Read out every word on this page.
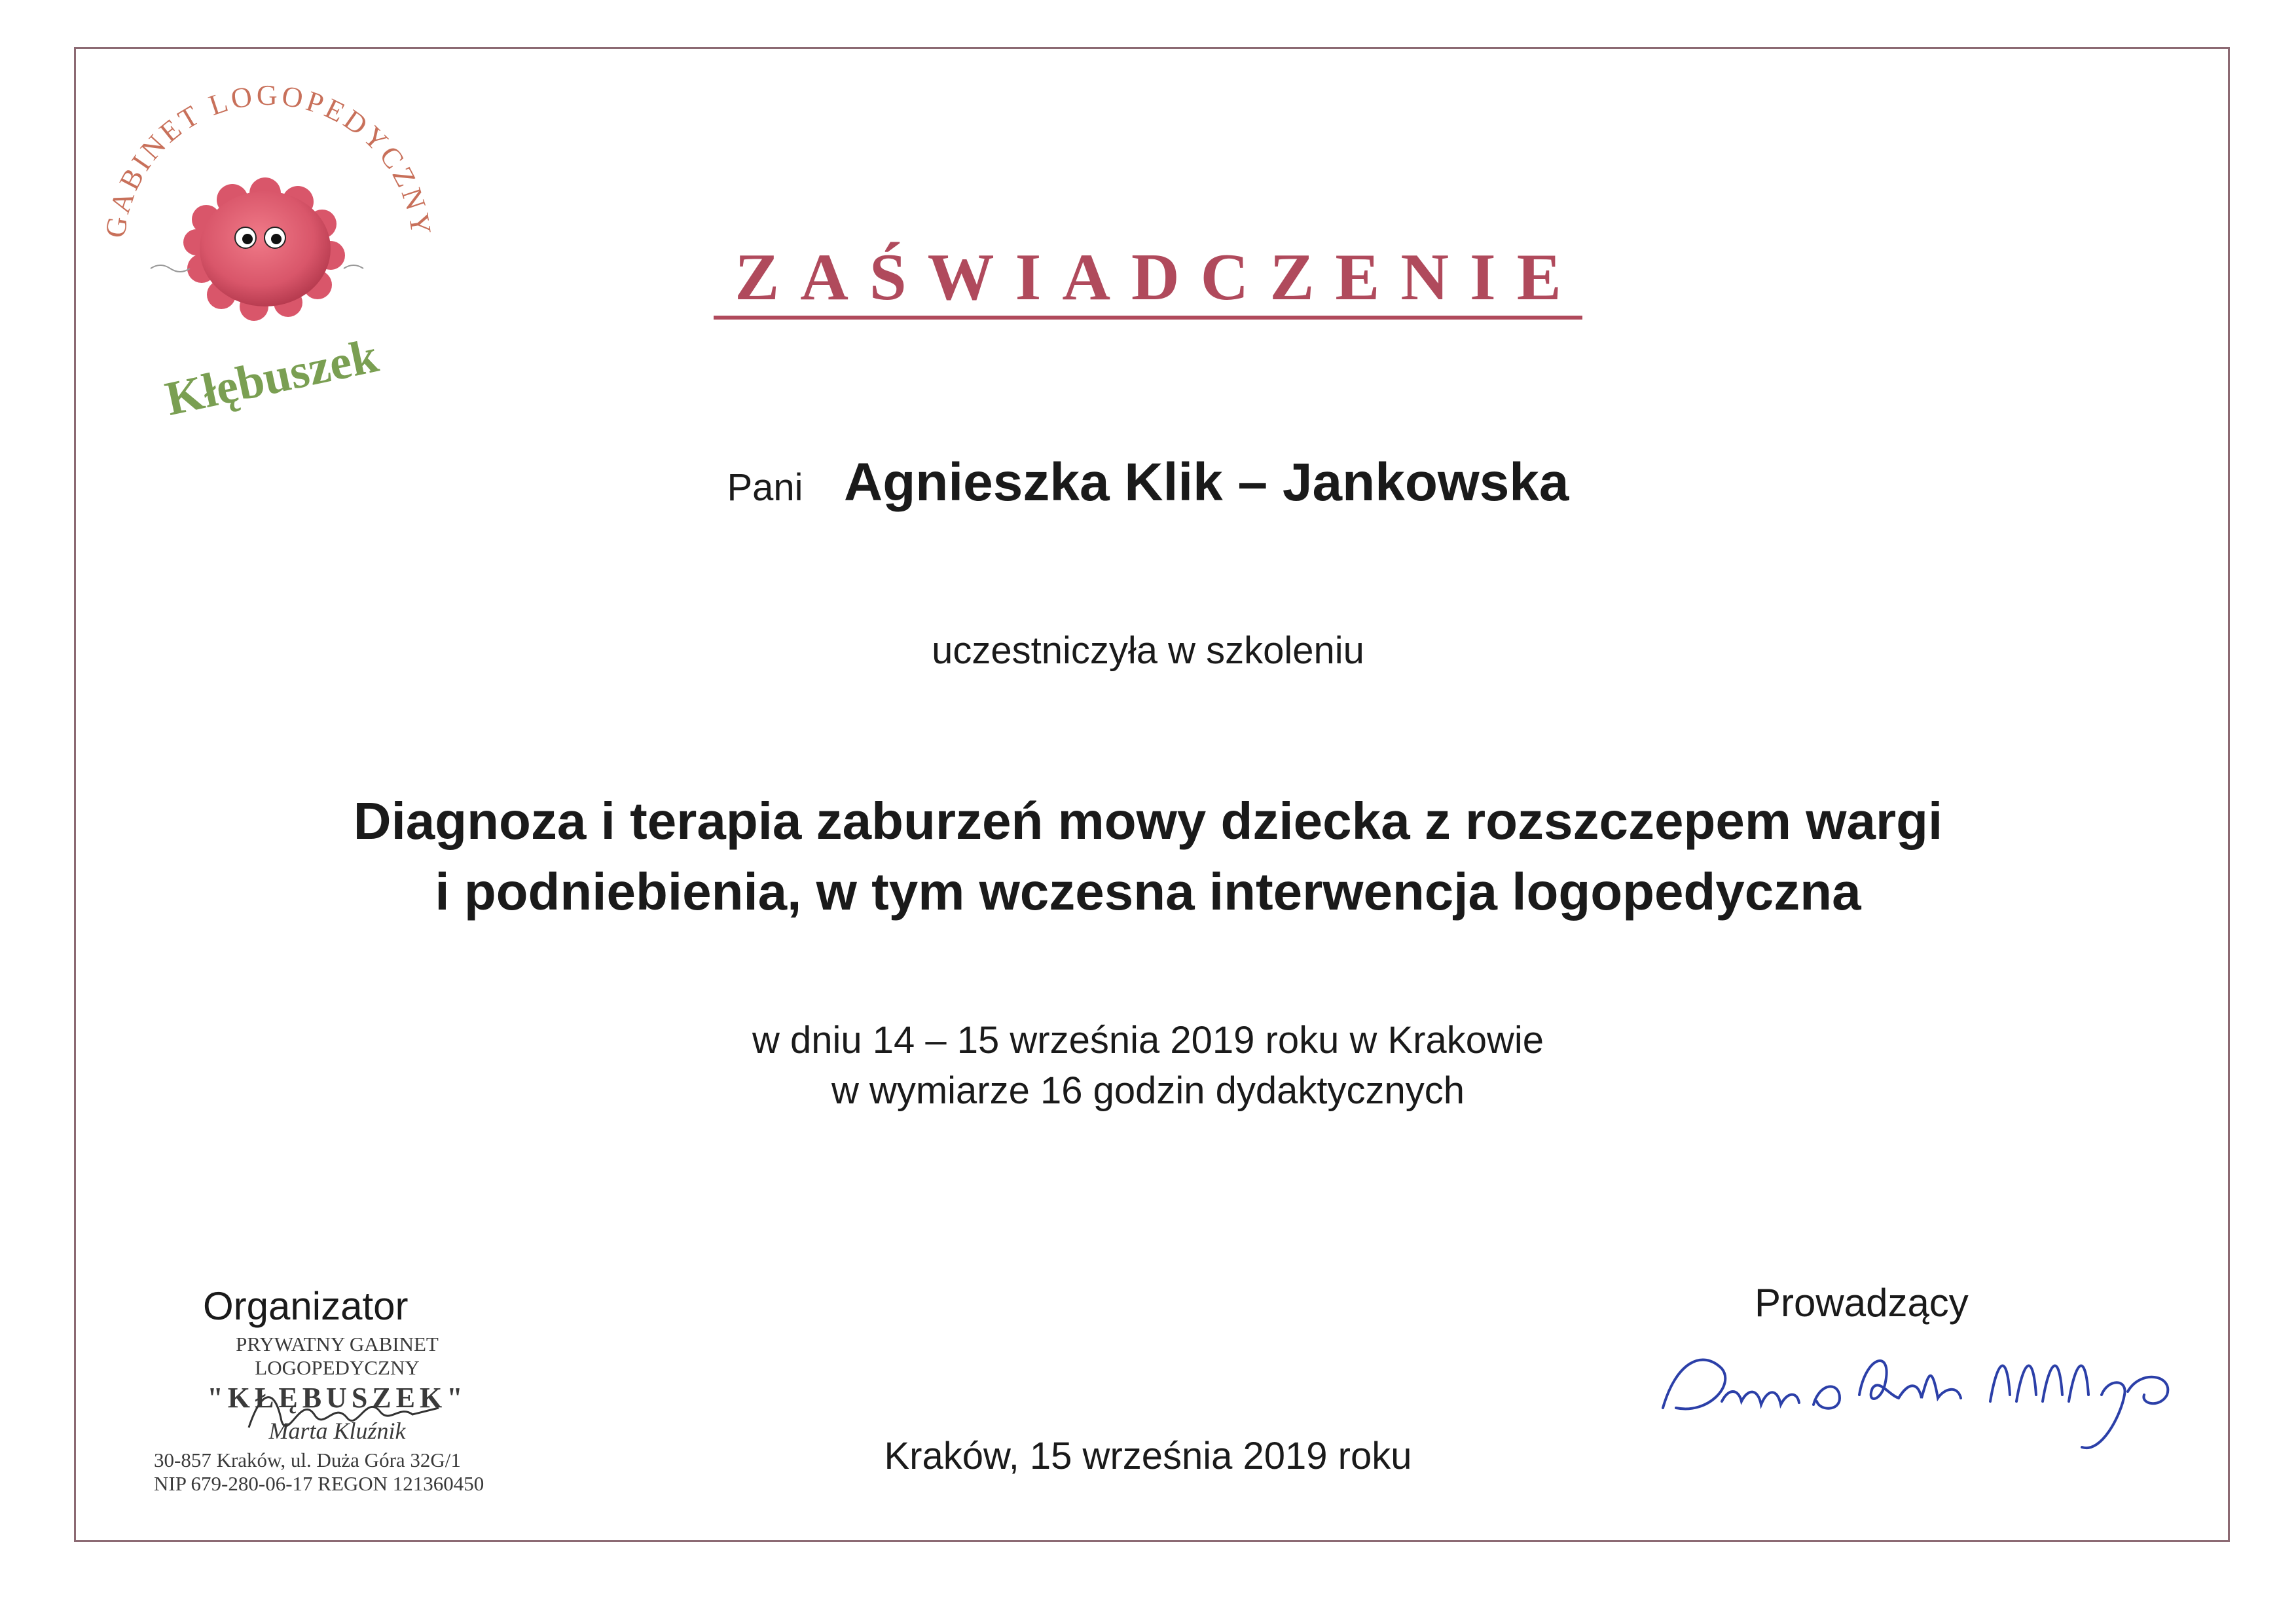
GABINET LOGOPEDYCZNY
Kłębuszek
ZAŚWIADCZENIE
Pani Agnieszka Klik – Jankowska
uczestniczyła w szkoleniu
Diagnoza i terapia zaburzeń mowy dziecka z rozszczepem wargi
i podniebienia, w tym wczesna interwencja logopedyczna
w dniu 14 – 15 września 2019 roku w Krakowie
w wymiarze 16 godzin dydaktycznych
Organizator
PRYWATNY GABINET LOGOPEDYCZNY
"KŁĘBUSZEK"
Marta Kluźnik
30-857 Kraków, ul. Duża Góra 32G/1
NIP 679-280-06-17 REGON 121360450
Prowadzący
Kraków, 15 września 2019 roku
